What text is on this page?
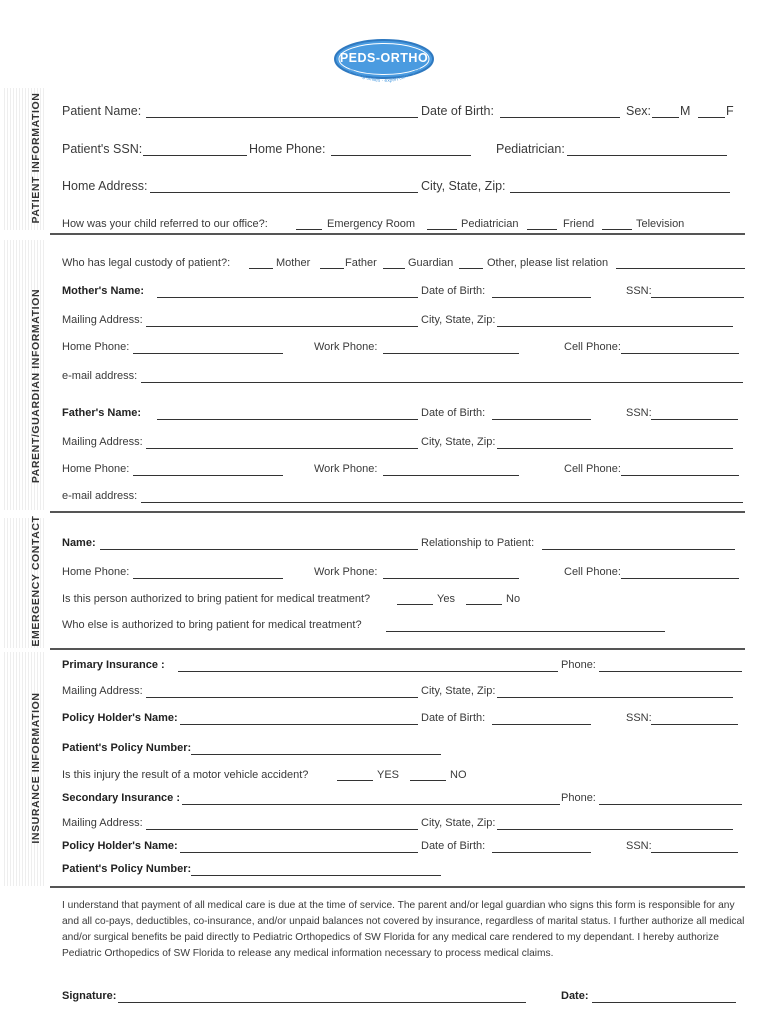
growing smiles · expert care · peac
PEDS-ORTHO
PATIENT INFORMATION
PARENT/GUARDIAN INFORMATION
EMERGENCY CONTACT
INSURANCE INFORMATION
Patient Name:	Date of Birth:	Sex: M	F
Patient's SSN:	Home Phone:	Pediatrician:
Home Address:	City, State, Zip:
How was your child referred to our office?:	Emergency Room	Pediatrician	Friend	Television
Who has legal custody of patient?:	Mother	Father	Guardian	Other, please list relation
Mother's Name:	Date of Birth:	SSN:
Mailing Address:	City, State, Zip:
Home Phone:	Work Phone:	Cell Phone:
e-mail address:
Father's Name:	Date of Birth:	SSN:
Mailing Address:	City, State, Zip:
Home Phone:	Work Phone:	Cell Phone:
e-mail address:
Name:	Relationship to Patient:
Home Phone:	Work Phone:	Cell Phone:
Is this person authorized to bring patient for medical treatment?	Yes	No
Who else is authorized to bring patient for medical treatment?
Primary Insurance :	Phone:
Mailing Address:	City, State, Zip:
Policy Holder's Name:	Date of Birth:	SSN:
Patient's Policy Number:
Is this injury the result of a motor vehicle accident?	YES	NO
Secondary Insurance :	Phone:
Mailing Address:	City, State, Zip:
Policy Holder's Name:	Date of Birth:	SSN:
Patient's Policy Number:
I understand that payment of all medical care is due at the time of service. The parent and/or legal guardian who signs this form is responsible for any and all co-pays, deductibles, co-insurance, and/or unpaid balances not covered by insurance, regardless of marital status. I further authorize all medical and/or surgical benefits be paid directly to Pediatric Orthopedics of SW Florida for any medical care rendered to my dependant. I hereby authorize Pediatric Orthopedics of SW Florida to release any medical information necessary to process medical claims.
Signature:	Date:
